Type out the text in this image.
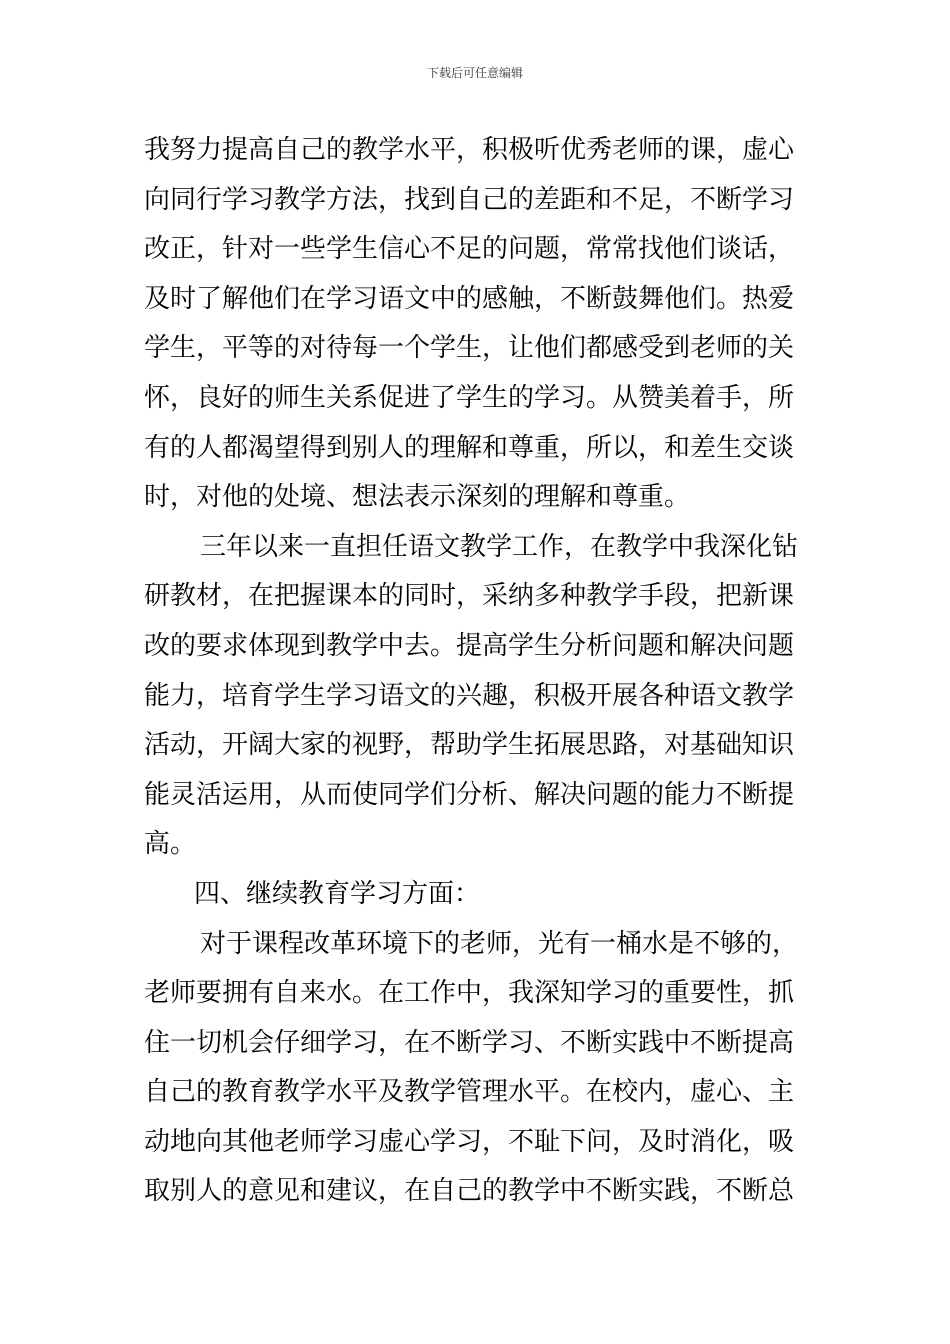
下载后可任意编辑
我努力提高自己的教学水平，积极听优秀老师的课，虚心
向同行学习教学方法，找到自己的差距和不足，不断学习
改正，针对一些学生信心不足的问题，常常找他们谈话，
及时了解他们在学习语文中的感触，不断鼓舞他们。热爱
学生，平等的对待每一个学生，让他们都感受到老师的关
怀，良好的师生关系促进了学生的学习。从赞美着手，所
有的人都渴望得到别人的理解和尊重，所以，和差生交谈
时，对他的处境、想法表示深刻的理解和尊重。
三年以来一直担任语文教学工作，在教学中我深化钻
研教材，在把握课本的同时，采纳多种教学手段，把新课
改的要求体现到教学中去。提高学生分析问题和解决问题
能力，培育学生学习语文的兴趣，积极开展各种语文教学
活动，开阔大家的视野，帮助学生拓展思路，对基础知识
能灵活运用，从而使同学们分析、解决问题的能力不断提
高。
四、继续教育学习方面：
对于课程改革环境下的老师，光有一桶水是不够的，
老师要拥有自来水。在工作中，我深知学习的重要性，抓
住一切机会仔细学习，在不断学习、不断实践中不断提高
自己的教育教学水平及教学管理水平。在校内，虚心、主
动地向其他老师学习虚心学习，不耻下问，及时消化，吸
取别人的意见和建议，在自己的教学中不断实践，不断总
